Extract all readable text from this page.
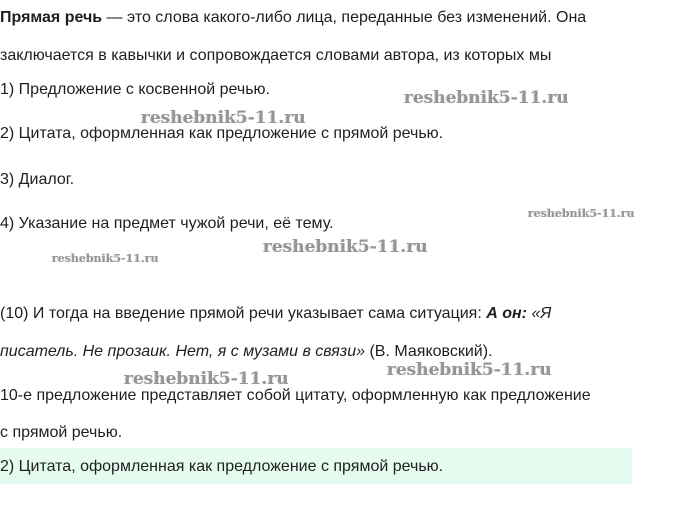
Прямая речь — это слова какого-либо лица, переданные без изменений. Она
заключается в кавычки и сопровождается словами автора, из которых мы
1) Предложение с косвенной речью.
2) Цитата, оформленная как предложение с прямой речью.
3) Диалог.
4) Указание на предмет чужой речи, её тему.
(10) И тогда на введение прямой речи указывает сама ситуация: А он: «Я
писатель. Не прозаик. Нет, я с музами в связи» (В. Маяковский).
10-е предложение представляет собой цитату, оформленную как предложение
с прямой речью.
2) Цитата, оформленная как предложение с прямой речью.
reshebnik5-11.ru
reshebnik5-11.ru
reshebnik5-11.ru
reshebnik5-11.ru
reshebnik5-11.ru
reshebnik5-11.ru
reshebnik5-11.ru
